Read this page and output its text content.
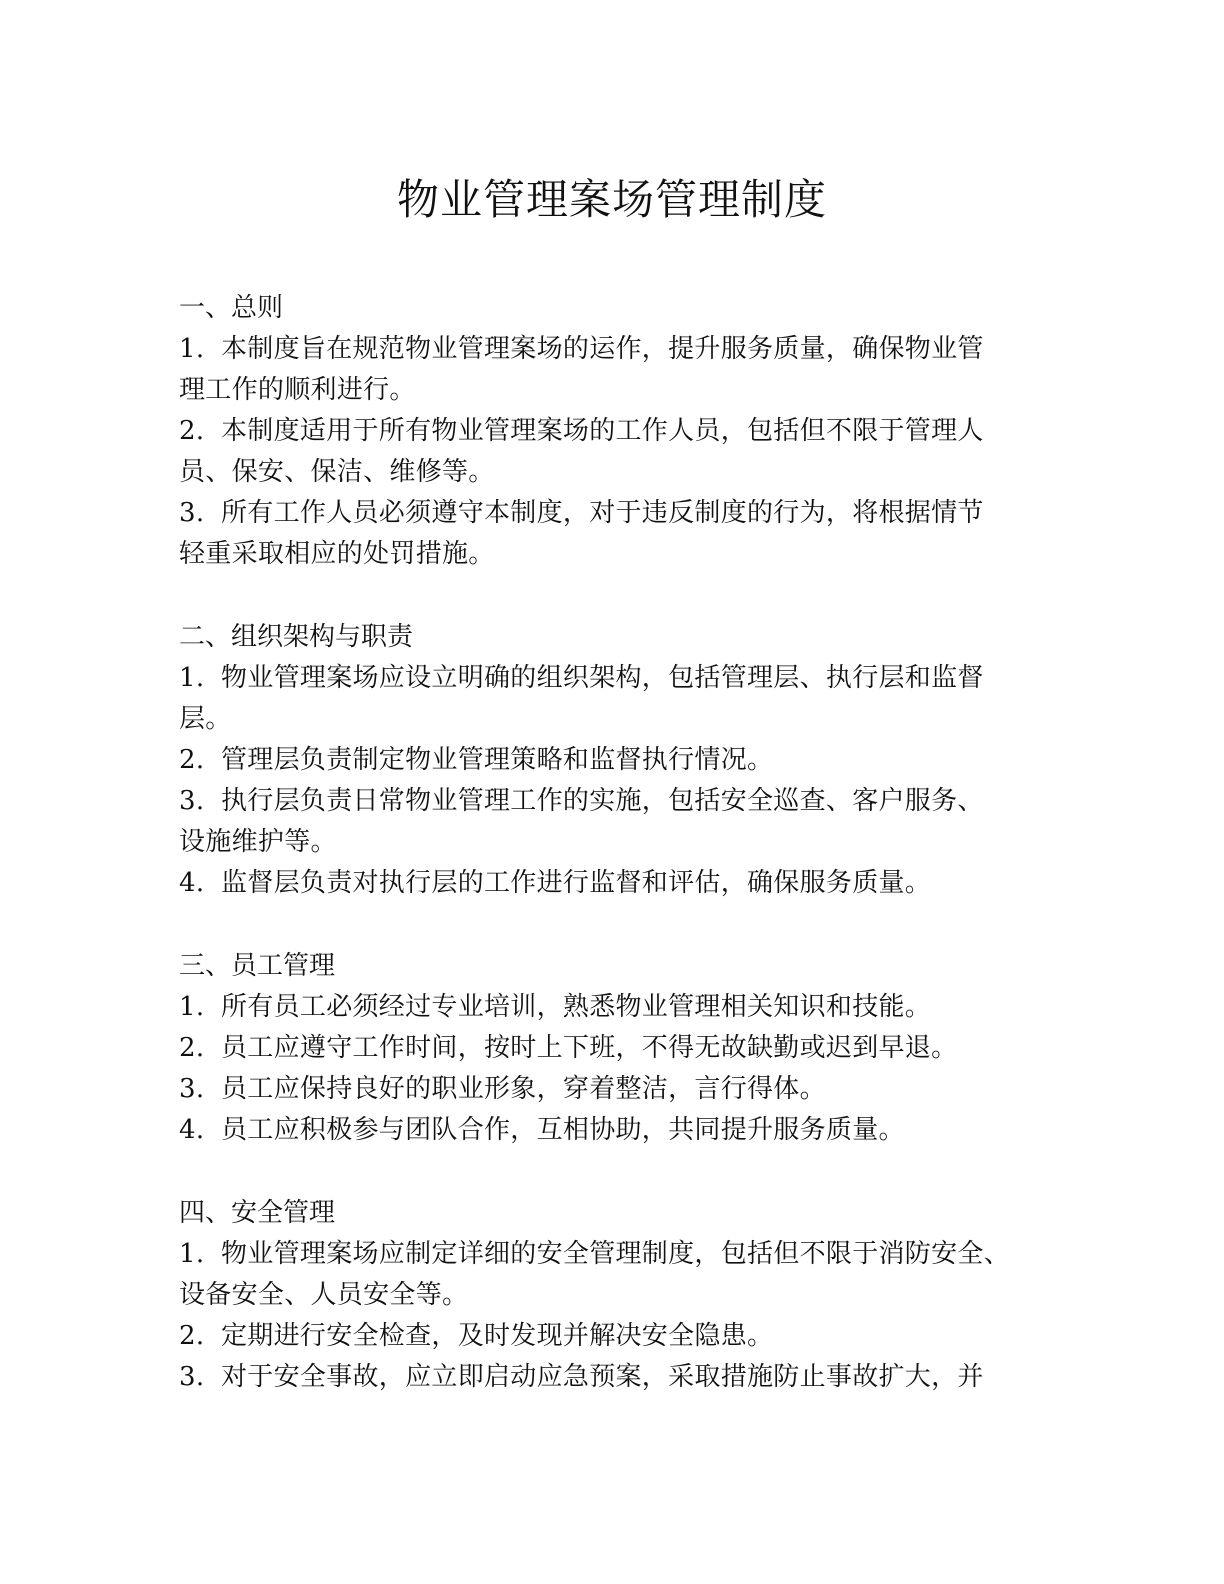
物业管理案场管理制度

一、总则

1. 本制度旨在规范物业管理案场的运作，提升服务质量，确保物业管

理工作的顺利进行。

2. 本制度适用于所有物业管理案场的工作人员，包括但不限于管理人

员、保安、保洁、维修等。

3. 所有工作人员必须遵守本制度，对于违反制度的行为，将根据情节

轻重采取相应的处罚措施。

二、组织架构与职责

1. 物业管理案场应设立明确的组织架构，包括管理层、执行层和监督

层。

2. 管理层负责制定物业管理策略和监督执行情况。

3. 执行层负责日常物业管理工作的实施，包括安全巡查、客户服务、

设施维护等。

4. 监督层负责对执行层的工作进行监督和评估，确保服务质量。

三、员工管理

1. 所有员工必须经过专业培训，熟悉物业管理相关知识和技能。

2. 员工应遵守工作时间，按时上下班，不得无故缺勤或迟到早退。

3. 员工应保持良好的职业形象，穿着整洁，言行得体。

4. 员工应积极参与团队合作，互相协助，共同提升服务质量。

四、安全管理

1. 物业管理案场应制定详细的安全管理制度，包括但不限于消防安全、

设备安全、人员安全等。

2. 定期进行安全检查，及时发现并解决安全隐患。

3. 对于安全事故，应立即启动应急预案，采取措施防止事故扩大，并
